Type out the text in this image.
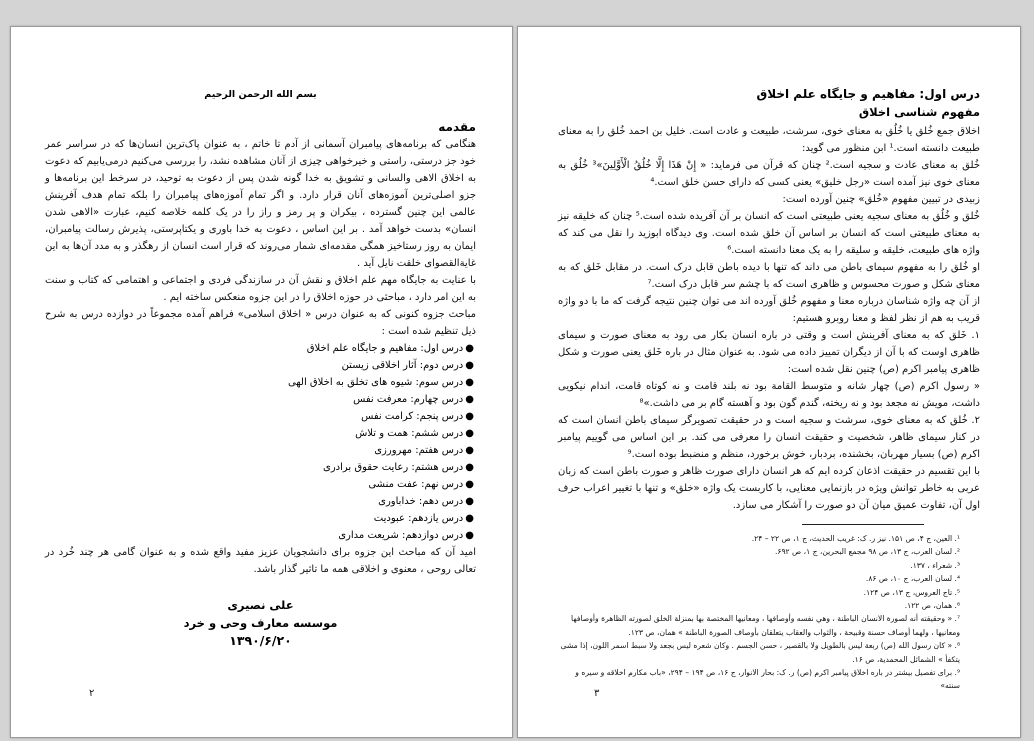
بسم الله الرحمن الرحيم

مقدمه

هنگامی که برنامه‌های پیامبران آسمانی از آدم تا خاتم ، به عنوان پاک‌ترین انسان‌ها که در سراسر عمر خود جز درستی، راستی و خیرخواهی چیزی از آنان مشاهده نشد، را بررسی می‌کنیم درمی‌یابیم که دعوت به اخلاق الاهی والسانی و تشویق به خدا گونه شدن پس از دعوت به توحید، در سرخط این برنامه‌ها و جزو اصلی‌ترین آموزه‌های آنان قرار دارد. و اگر تمام آموزه‌های پیامبران را بلکه تمام هدف آفرینش عالمی این چنین گسترده ، بیکران و پر رمز و راز را در یک کلمه خلاصه کنیم، عبارت «الاهی شدن انسان» بدست خواهد آمد . بر این اساس ، دعوت به خدا باوری و یکتاپرستی، پذیرش رسالت پیامبران، ایمان به روز رستاخیز همگی مقدمه‌ای شمار می‌روند که قرار است انسان از رهگذر و به مدد آن‌ها به این غایةالقصوای خلقت نایل آید .

با عنایت به جایگاه مهم علم اخلاق و نقش آن در سازندگی فردی و اجتماعی و اهتمامی که کتاب و سنت به این امر دارد ، مباحثی در حوزه اخلاق را در این جزوه منعکس ساخته ایم .

مباحث جزوه کنونی که به عنوان درس « اخلاق اسلامی» فراهم آمده مجموعاً در دوازده درس به شرح ذیل تنظیم شده است :

●درس اول: مفاهیم و جایگاه علم اخلاق
●درس دوم: آثار اخلاقی زیستن
●درس سوم: شیوه های تخلق به اخلاق الهی
●درس چهارم: معرفت نفس
●درس پنجم: کرامت نفس
●درس ششم: همت و تلاش
●درس هفتم: مهرورزی
●درس هشتم: رعایت حقوق برادری
●درس نهم: عفت منشی
●درس دهم: خداباوری
●درس یازدهم: عبودیت
●درس دوازدهم: شریعت مداری

امید آن که مباحث این جزوه برای دانشجویان عزیز مفید واقع شده و به عنوان گامی هر چند خُرد در تعالی روحی ، معنوی و اخلاقی همه ما تاثیر گذار باشد.

علی نصیری
موسسه معارف وحی و خرد
۱۳۹۰/۶/۲۰
۲

درس اول: مفاهیم و جایگاه علم اخلاق

مفهوم شناسی اخلاق

اخلاق جمع خُلق یا خُلُق به معنای خوی، سرشت، طبیعت و عادت است. خلیل بن احمد خُلق را به معنای طبیعت دانسته است.¹ ابن منظور می گوید:

خُلق به معنای عادت و سجیه است.² چنان که قرآن می فرماید: « إِنْ هَذَا إِلَّا خُلُقُ الْأَوَّلِينَ»³ خُلُق به معنای خوی نیز آمده است «رجل خليق» یعنی کسی که دارای حسن خلق است.⁴

زبیدی در تبیین مفهوم «خُلق» چنین آورده است:

خُلق و خُلُق به معنای سجیه یعنی طبیعتی است که انسان بر آن آفریده شده است.⁵ چنان که خليقه نيز به معنای طبیعتی است که انسان بر اساس آن خلق شده است. وی دیدگاه ابوزید را نقل می کند که واژه های طبیعت، خلیقه و سلیقه را به یک معنا دانسته است.⁶

او خُلق را به مفهوم سیمای باطن می داند که تنها با دیده باطن قابل درک است. در مقابل خَلق که به معنای شکل و صورت محسوس و ظاهری است که با چشم سر قابل درک است.⁷

از آن چه واژه شناسان درباره معنا و مفهوم خُلق آورده اند می توان چنین نتیجه گرفت که ما با دو واژه قریب به هم از نظر لفظ و معنا روبرو هستیم:

۱. خَلق که به معنای آفرینش است و وقتی در باره انسان بکار می رود به معنای صورت و سیمای ظاهری اوست که با آن از دیگران تمییز داده می شود. به عنوان مثال در باره خَلق یعنی صورت و شکل ظاهری پیامبر اکرم (ص) چنین نقل شده است:

« رسول اکرم (ص) چهار شانه و متوسط القامة بود نه بلند قامت و نه کوتاه قامت، اندام نیکویی داشت، مویش نه مجعد بود و نه ریخته، گندم گون بود و آهسته گام بر می داشت.»⁸

۲. خُلق که به معنای خوی، سرشت و سجیه است و در حقیقت تصویرگر سیمای باطن انسان است که در کنار سیمای ظاهر، شخصیت و حقیقت انسان را معرفی می کند. بر این اساس می گوییم پیامبر اکرم (ص) بسیار مهربان، بخشنده، بردبار، خوش برخورد، منظم و منضبط بوده است.⁹

با این تقسیم در حقیقت اذعان کرده ایم که هر انسان دارای صورت ظاهر و صورت باطن است که زبان عربی به خاطر توانش ویژه در بازنمایی معنایی، با کاربست یک واژه «خلق» و تنها با تغییر اعراب حرف اول آن، تفاوت عمیق میان آن دو صورت را آشکار می سازد.

¹. العین، ج ۴، ص ۱۵۱. نیز ر. ک: غریب الحدیث، ج ۱، ص ۲۲ – ۲۴.
². لسان العرب، ج ۱۳، ص ۹۸ مجمع البحرین، ج ۱، ص ۶۹۲.
³. شعراء ، ۱۳۷.
⁴. لسان العرب، ج ۱۰، ص ۸۶.
⁵. تاج العروس، ج ۱۳، ص ۱۲۴.
⁶. همان، ص ۱۲۲.
⁷. « وحقيقته أنه لصورة الانسان الباطنة ، وهي نفسه وأوصافها ، ومعانيها المختصة بها بمنزلة الخلق لصورته الظاهرة وأوصافها ومعانيها ، ولهما أوصاف حسنة وقبيحة ، والثواب والعقاب يتعلقان بأوصاف الصورة الباطنة » همان، ص ۱۲۳.
⁸. « كان رسول الله (ص) ربعة ليس بالطويل ولا بالقصير ، حسن الجسم . وكان شعره ليس بجعد ولا سبط اسمر اللون، إذا مشى يتكفأ » الشمائل المحمدية، ص ۱۶.
⁹. برای تفصیل بیشتر در باره اخلاق پیامبر اکرم (ص) ر. ک: بحار الانوار، ج ۱۶، ص ۱۹۴ – ۲۹۴، «باب مكارم اخلاقه و سيره و سنته»
۳
